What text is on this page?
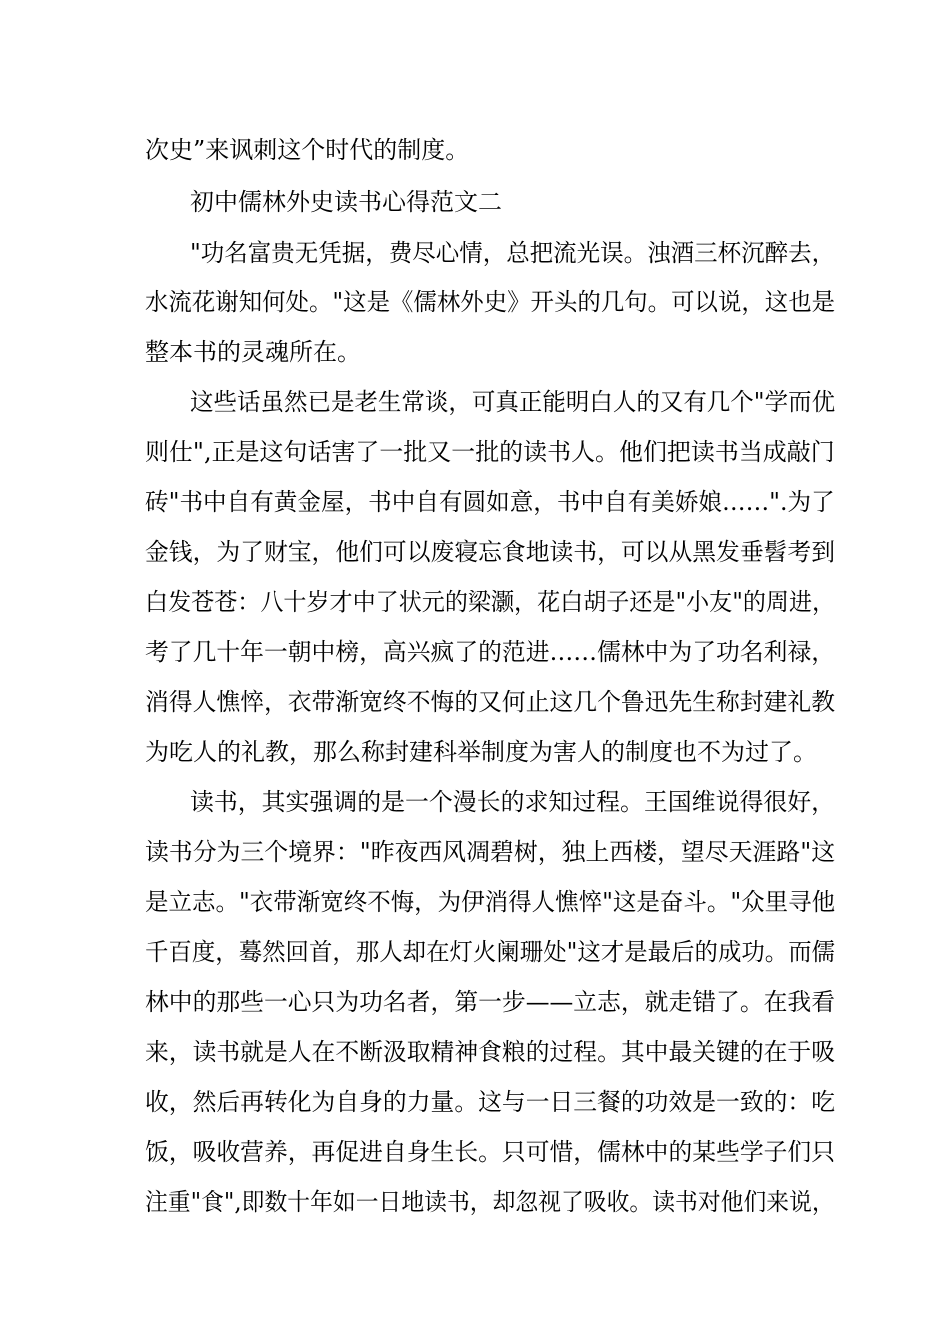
次史”来讽刺这个时代的制度。
初中儒林外史读书心得范文二
"功名富贵无凭据，费尽心情，总把流光误。浊酒三杯沉醉去，
水流花谢知何处。"这是《儒林外史》开头的几句。可以说，这也是
整本书的灵魂所在。
这些话虽然已是老生常谈，可真正能明白人的又有几个"学而优
则仕",正是这句话害了一批又一批的读书人。他们把读书当成敲门
砖"书中自有黄金屋，书中自有圆如意，书中自有美娇娘……".为了
金钱，为了财宝，他们可以废寝忘食地读书，可以从黑发垂髫考到
白发苍苍：八十岁才中了状元的梁灏，花白胡子还是"小友"的周进，
考了几十年一朝中榜，高兴疯了的范进……儒林中为了功名利禄，
消得人憔悴，衣带渐宽终不悔的又何止这几个鲁迅先生称封建礼教
为吃人的礼教，那么称封建科举制度为害人的制度也不为过了。
读书，其实强调的是一个漫长的求知过程。王国维说得很好，
读书分为三个境界："昨夜西风凋碧树，独上西楼，望尽天涯路"这
是立志。"衣带渐宽终不悔，为伊消得人憔悴"这是奋斗。"众里寻他
千百度，蓦然回首，那人却在灯火阑珊处"这才是最后的成功。而儒
林中的那些一心只为功名者，第一步——立志，就走错了。在我看
来，读书就是人在不断汲取精神食粮的过程。其中最关键的在于吸
收，然后再转化为自身的力量。这与一日三餐的功效是一致的：吃
饭，吸收营养，再促进自身生长。只可惜，儒林中的某些学子们只
注重"食",即数十年如一日地读书，却忽视了吸收。读书对他们来说，
